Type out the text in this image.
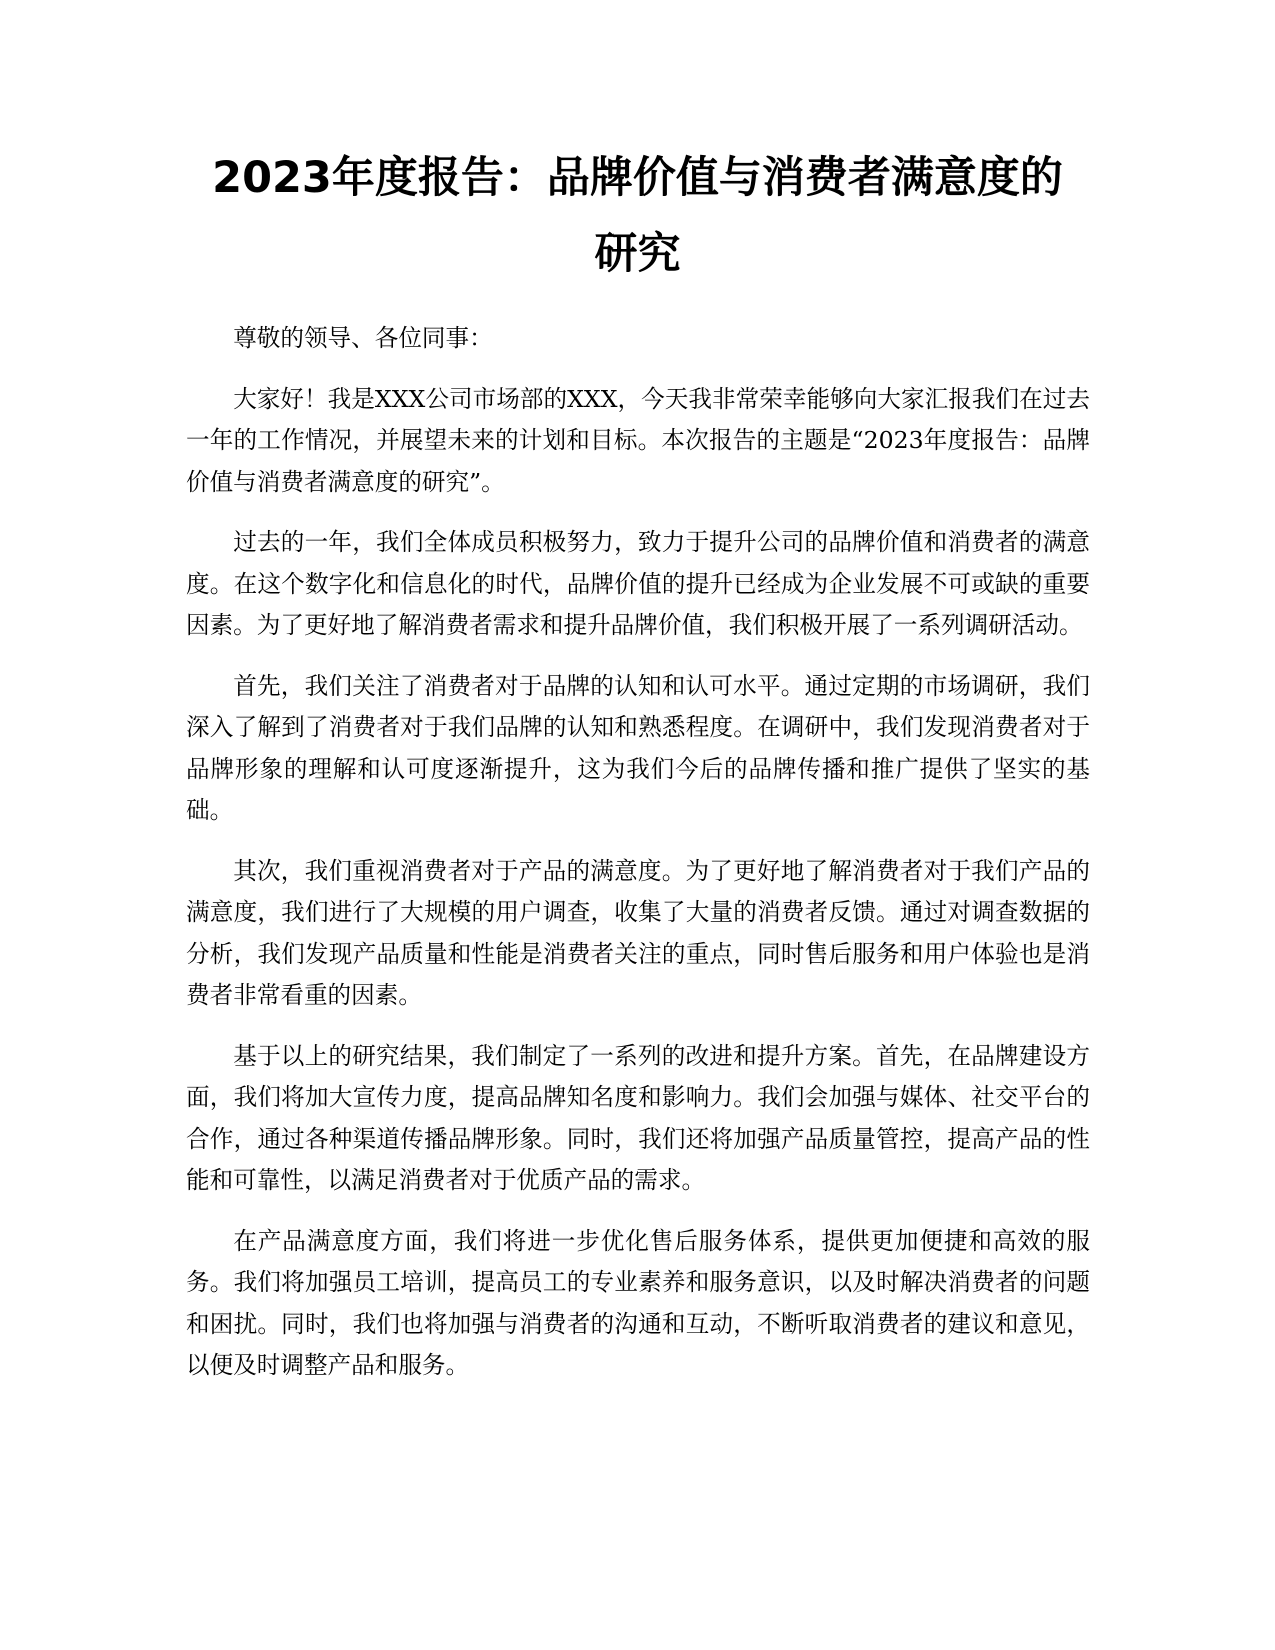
2023年度报告：品牌价值与消费者满意度的
研究

尊敬的领导、各位同事：

大家好！我是XXX公司市场部的XXX，今天我非常荣幸能够向大家汇报我们在过去一年的工作情况，并展望未来的计划和目标。本次报告的主题是“2023年度报告：品牌价值与消费者满意度的研究”。

过去的一年，我们全体成员积极努力，致力于提升公司的品牌价值和消费者的满意度。在这个数字化和信息化的时代，品牌价值的提升已经成为企业发展不可或缺的重要因素。为了更好地了解消费者需求和提升品牌价值，我们积极开展了一系列调研活动。

首先，我们关注了消费者对于品牌的认知和认可水平。通过定期的市场调研，我们深入了解到了消费者对于我们品牌的认知和熟悉程度。在调研中，我们发现消费者对于品牌形象的理解和认可度逐渐提升，这为我们今后的品牌传播和推广提供了坚实的基础。

其次，我们重视消费者对于产品的满意度。为了更好地了解消费者对于我们产品的满意度，我们进行了大规模的用户调查，收集了大量的消费者反馈。通过对调查数据的分析，我们发现产品质量和性能是消费者关注的重点，同时售后服务和用户体验也是消费者非常看重的因素。

基于以上的研究结果，我们制定了一系列的改进和提升方案。首先，在品牌建设方面，我们将加大宣传力度，提高品牌知名度和影响力。我们会加强与媒体、社交平台的合作，通过各种渠道传播品牌形象。同时，我们还将加强产品质量管控，提高产品的性能和可靠性，以满足消费者对于优质产品的需求。

在产品满意度方面，我们将进一步优化售后服务体系，提供更加便捷和高效的服务。我们将加强员工培训，提高员工的专业素养和服务意识，以及时解决消费者的问题和困扰。同时，我们也将加强与消费者的沟通和互动，不断听取消费者的建议和意见，以便及时调整产品和服务。
